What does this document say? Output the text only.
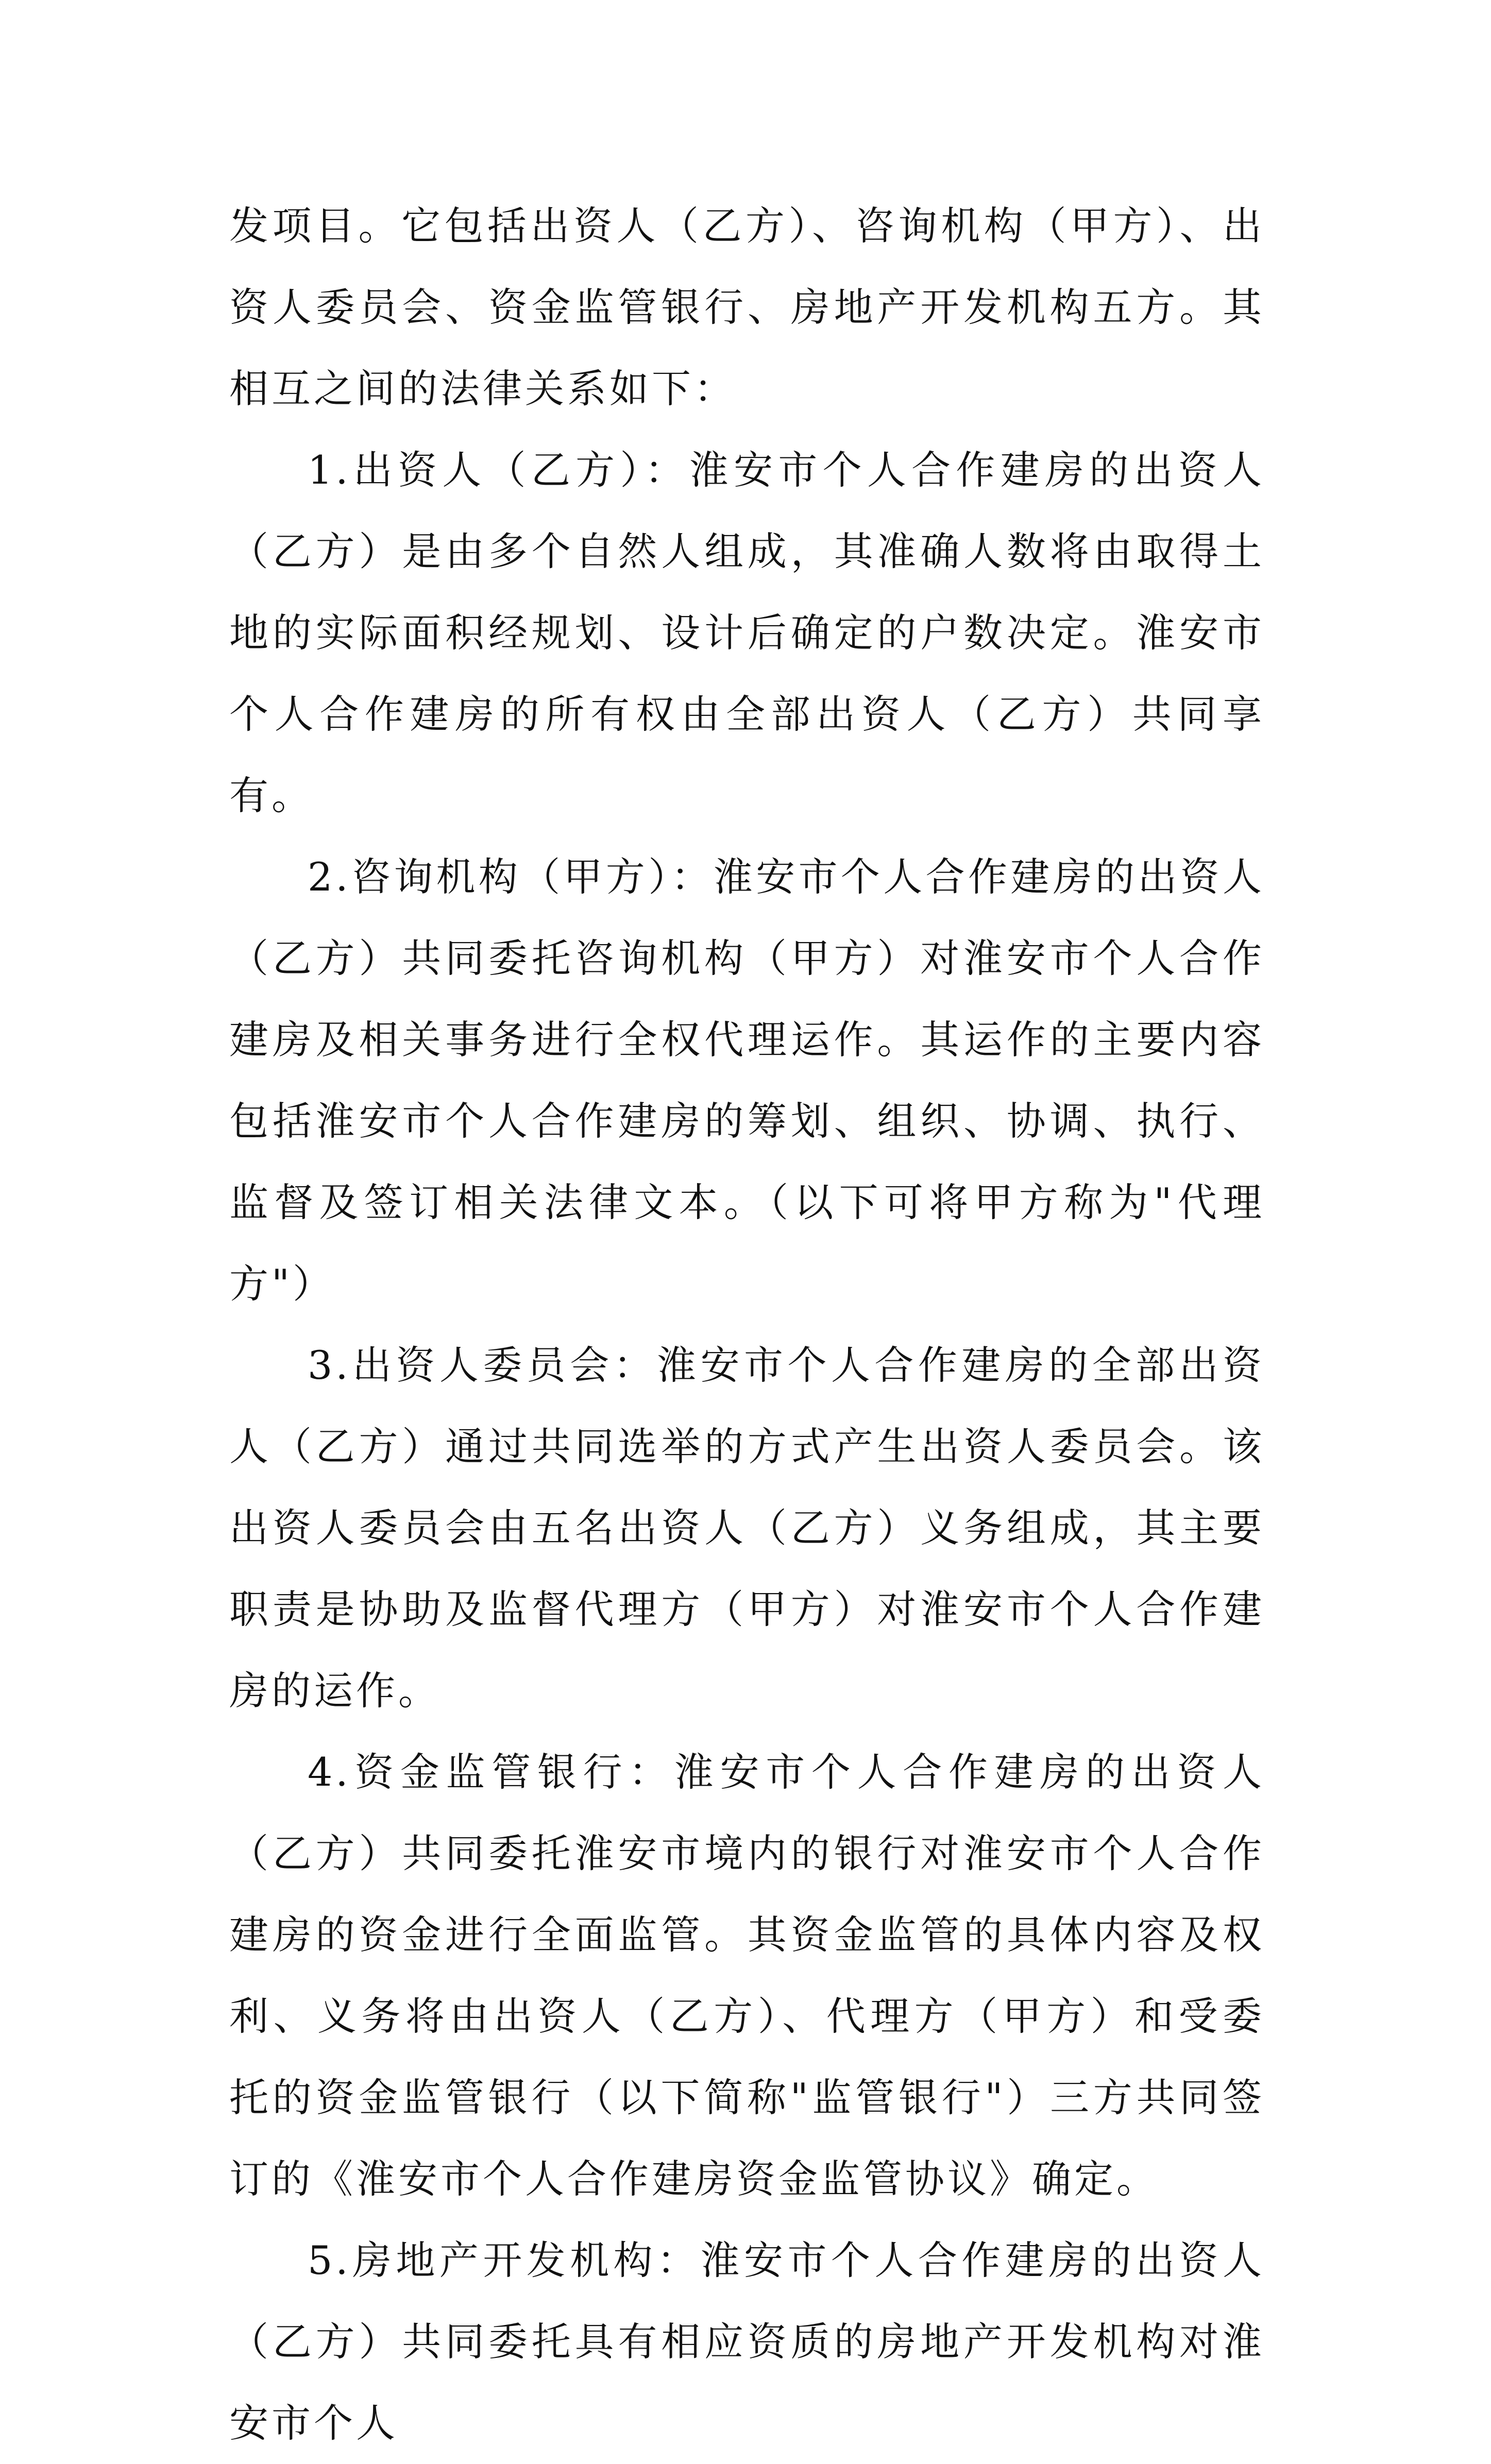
发项目。它包括出资人（乙方）、咨询机构（甲方）、出资人委员会、资金监管银行、房地产开发机构五方。其相互之间的法律关系如下：

1.出资人（乙方）：淮安市个人合作建房的出资人（乙方）是由多个自然人组成，其准确人数将由取得土地的实际面积经规划、设计后确定的户数决定。淮安市个人合作建房的所有权由全部出资人（乙方）共同享有。

2.咨询机构（甲方）：淮安市个人合作建房的出资人（乙方）共同委托咨询机构（甲方）对淮安市个人合作建房及相关事务进行全权代理运作。其运作的主要内容包括淮安市个人合作建房的筹划、组织、协调、执行、监督及签订相关法律文本。（以下可将甲方称为"代理方"）

3.出资人委员会：淮安市个人合作建房的全部出资人（乙方）通过共同选举的方式产生出资人委员会。该出资人委员会由五名出资人（乙方）义务组成，其主要职责是协助及监督代理方（甲方）对淮安市个人合作建房的运作。

4.资金监管银行：淮安市个人合作建房的出资人（乙方）共同委托淮安市境内的银行对淮安市个人合作建房的资金进行全面监管。其资金监管的具体内容及权利、义务将由出资人（乙方）、代理方（甲方）和受委托的资金监管银行（以下简称"监管银行"）三方共同签订的《淮安市个人合作建房资金监管协议》确定。

5.房地产开发机构：淮安市个人合作建房的出资人（乙方）共同委托具有相应资质的房地产开发机构对淮安市个人
